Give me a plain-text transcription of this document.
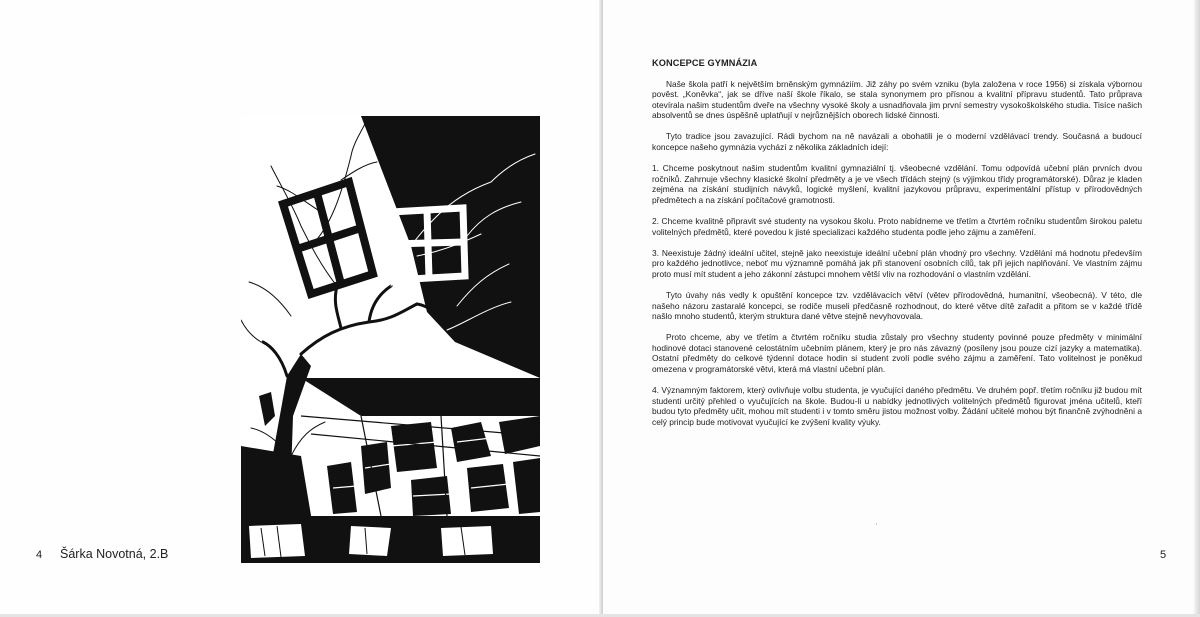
4 Šárka Novotná, 2.B
KONCEPCE GYMNÁZIA

Naše škola patří k největším brněnským gymnáziím. Již záhy po svém vzniku (byla založena v roce 1956) si získala výbornou pověst. „Koněvka“, jak se dříve naší škole říkalo, se stala synonymem pro přísnou a kvalitní přípravu studentů. Tato průprava otevírala našim studentům dveře na všechny vysoké školy a usnadňovala jim první semestry vysokoškolského studia. Tisíce našich absolventů se dnes úspěšně uplatňují v nejrůznějších oborech lidské činnosti.

Tyto tradice jsou zavazující. Rádi bychom na ně navázali a obohatili je o moderní vzdělávací trendy. Současná a budoucí koncepce našeho gymnázia vychází z několika základních idejí:

1. Chceme poskytnout našim studentům kvalitní gymnaziální tj. všeobecné vzdělání. Tomu odpovídá učební plán prvních dvou ročníků. Zahrnuje všechny klasické školní předměty a je ve všech třídách stejný (s výjimkou třídy programátorské). Důraz je kladen zejména na získání studijních návyků, logické myšlení, kvalitní jazykovou průpravu, experimentální přístup v přírodovědných předmětech a na získání počítačové gramotnosti.

2. Chceme kvalitně připravit své studenty na vysokou školu. Proto nabídneme ve třetím a čtvrtém ročníku studentům širokou paletu volitelných předmětů, které povedou k jisté specializaci každého studenta podle jeho zájmu a zaměření.

3. Neexistuje žádný ideální učitel, stejně jako neexistuje ideální učební plán vhodný pro všechny. Vzdělání má hodnotu především pro každého jednotlivce, neboť mu významně pomáhá jak při stanovení osobních cílů, tak při jejich naplňování. Ve vlastním zájmu proto musí mít student a jeho zákonní zástupci mnohem větší vliv na rozhodování o vlastním vzdělání.

Tyto úvahy nás vedly k opuštění koncepce tzv. vzdělávacích větví (větev přírodovědná, humanitní, všeobecná). V této, dle našeho názoru zastaralé koncepci, se rodiče museli předčasně rozhodnout, do které větve dítě zařadit a přitom se v každé třídě našlo mnoho studentů, kterým struktura dané větve stejně nevyhovovala.

Proto chceme, aby ve třetím a čtvrtém ročníku studia zůstaly pro všechny studenty povinné pouze předměty v minimální hodinové dotaci stanovené celostátním učebním plánem, který je pro nás závazný (posíleny jsou pouze cizí jazyky a matematika). Ostatní předměty do celkové týdenní dotace hodin si student zvolí podle svého zájmu a zaměření. Tato volitelnost je poněkud omezena v programátorské větvi, která má vlastní učební plán.

4. Významným faktorem, který ovlivňuje volbu studenta, je vyučující daného předmětu. Ve druhém popř. třetím ročníku již budou mít studenti určitý přehled o vyučujících na škole. Budou-li u nabídky jednotlivých volitelných předmětů figurovat jména učitelů, kteří budou tyto předměty učit, mohou mít studenti i v tomto směru jistou možnost volby. Žádání učitelé mohou být finančně zvýhodněni a celý princip bude motivovat vyučující ke zvýšení kvality výuky.

ˈ
5
